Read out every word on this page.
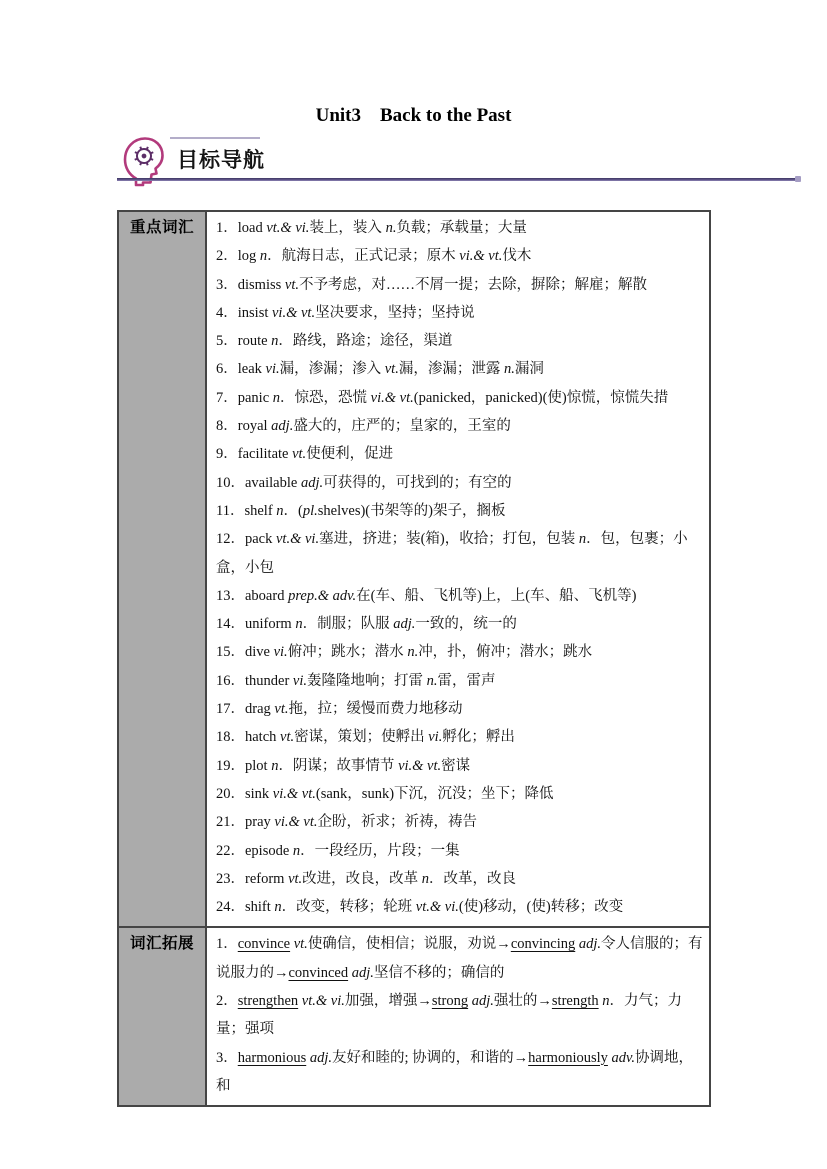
Unit3　Back to the Past
目标导航
重点词汇	1．load vt.& vi.装上，装入 n.负载；承载量；大量
2．log n．航海日志，正式记录；原木 vi.& vt.伐木
3．dismiss vt.不予考虑，对……不屑一提；去除，摒除；解雇；解散
4．insist vi.& vt.坚决要求，坚持；坚持说
5．route n．路线，路途；途径，渠道
6．leak vi.漏，渗漏；渗入 vt.漏，渗漏；泄露 n.漏洞
7．panic n．惊恐，恐慌 vi.& vt.(panicked，panicked)(使)惊慌，惊慌失措
8．royal adj.盛大的，庄严的；皇家的，王室的
9．facilitate vt.使便利，促进
10．available adj.可获得的，可找到的；有空的
11．shelf n．(pl.shelves)(书架等的)架子，搁板
12．pack vt.& vi.塞进，挤进；装(箱)，收拾；打包，包装 n．包，包裹；小盒，小包
13．aboard prep.& adv.在(车、船、飞机等)上，上(车、船、飞机等)
14．uniform n．制服；队服 adj.一致的，统一的
15．dive vi.俯冲；跳水；潜水 n.冲，扑，俯冲；潜水；跳水
16．thunder vi.轰隆隆地响；打雷 n.雷，雷声
17．drag vt.拖，拉；缓慢而费力地移动
18．hatch vt.密谋，策划；使孵出 vi.孵化；孵出
19．plot n．阴谋；故事情节 vi.& vt.密谋
20．sink vi.& vt.(sank，sunk)下沉，沉没；坐下；降低
21．pray vi.& vt.企盼，祈求；祈祷，祷告
22．episode n．一段经历，片段；一集
23．reform vt.改进，改良，改革 n．改革，改良
24．shift n．改变，转移；轮班 vt.& vi.(使)移动，(使)转移；改变

词汇拓展	1．convince vt.使确信，使相信；说服，劝说→convincing adj.令人信服的；有说服力的→convinced adj.坚信不移的；确信的
2．strengthen vt.& vi.加强，增强→strong adj.强壮的→strength n．力气；力量；强项
3．harmonious adj.友好和睦的; 协调的，和谐的→harmoniously adv.协调地，和
